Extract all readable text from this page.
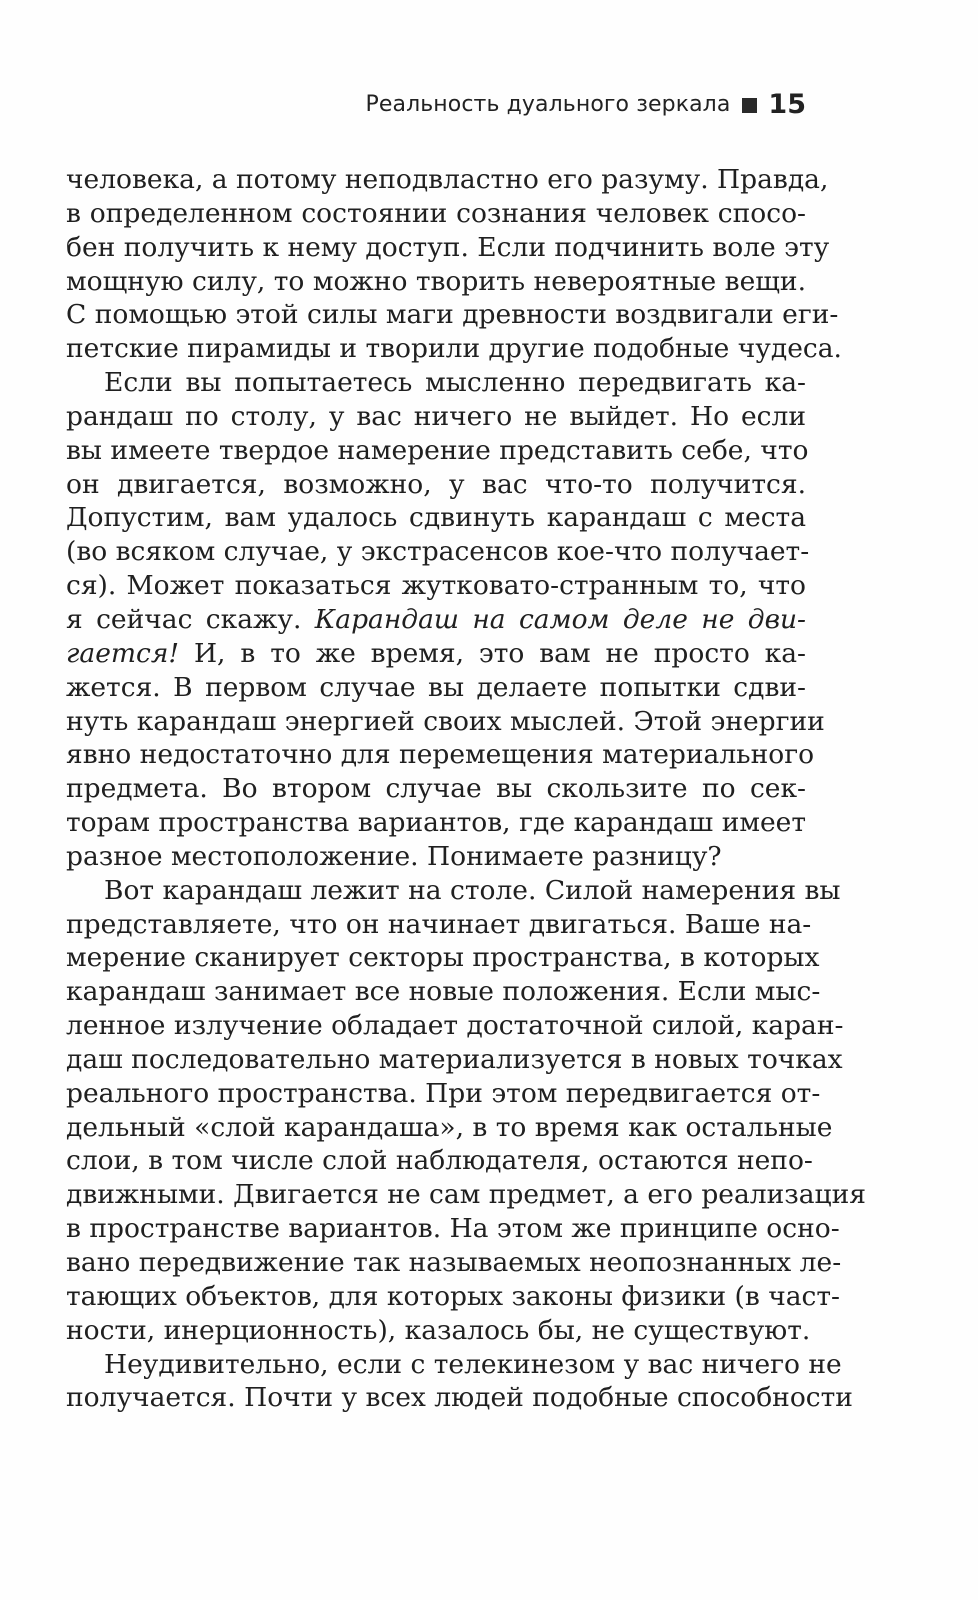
Реальность дуального зеркала 15
человека, а потому неподвластно его разуму. Правда,
в определенном состоянии сознания человек спосо-
бен получить к нему доступ. Если подчинить воле эту
мощную силу, то можно творить невероятные вещи.
С помощью этой силы маги древности воздвигали еги-
петские пирамиды и творили другие подобные чудеса.
Если вы попытаетесь мысленно передвигать ка-
рандаш по столу, у вас ничего не выйдет. Но если
вы имеете твердое намерение представить себе, что
он двигается, возможно, у вас что-то получится.
Допустим, вам удалось сдвинуть карандаш с места
(во всяком случае, у экстрасенсов кое-что получает-
ся). Может показаться жутковато-странным то, что
я сейчас скажу. Карандаш на самом деле не дви-
гается! И, в то же время, это вам не просто ка-
жется. В первом случае вы делаете попытки сдви-
нуть карандаш энергией своих мыслей. Этой энергии
явно недостаточно для перемещения материального
предмета. Во втором случае вы скользите по сек-
торам пространства вариантов, где карандаш имеет
разное местоположение. Понимаете разницу?
Вот карандаш лежит на столе. Силой намерения вы
представляете, что он начинает двигаться. Ваше на-
мерение сканирует секторы пространства, в которых
карандаш занимает все новые положения. Если мыс-
ленное излучение обладает достаточной силой, каран-
даш последовательно материализуется в новых точках
реального пространства. При этом передвигается от-
дельный «слой карандаша», в то время как остальные
слои, в том числе слой наблюдателя, остаются непо-
движными. Двигается не сам предмет, а его реализация
в пространстве вариантов. На этом же принципе осно-
вано передвижение так называемых неопознанных ле-
тающих объектов, для которых законы физики (в част-
ности, инерционность), казалось бы, не существуют.
Неудивительно, если с телекинезом у вас ничего не
получается. Почти у всех людей подобные способности
